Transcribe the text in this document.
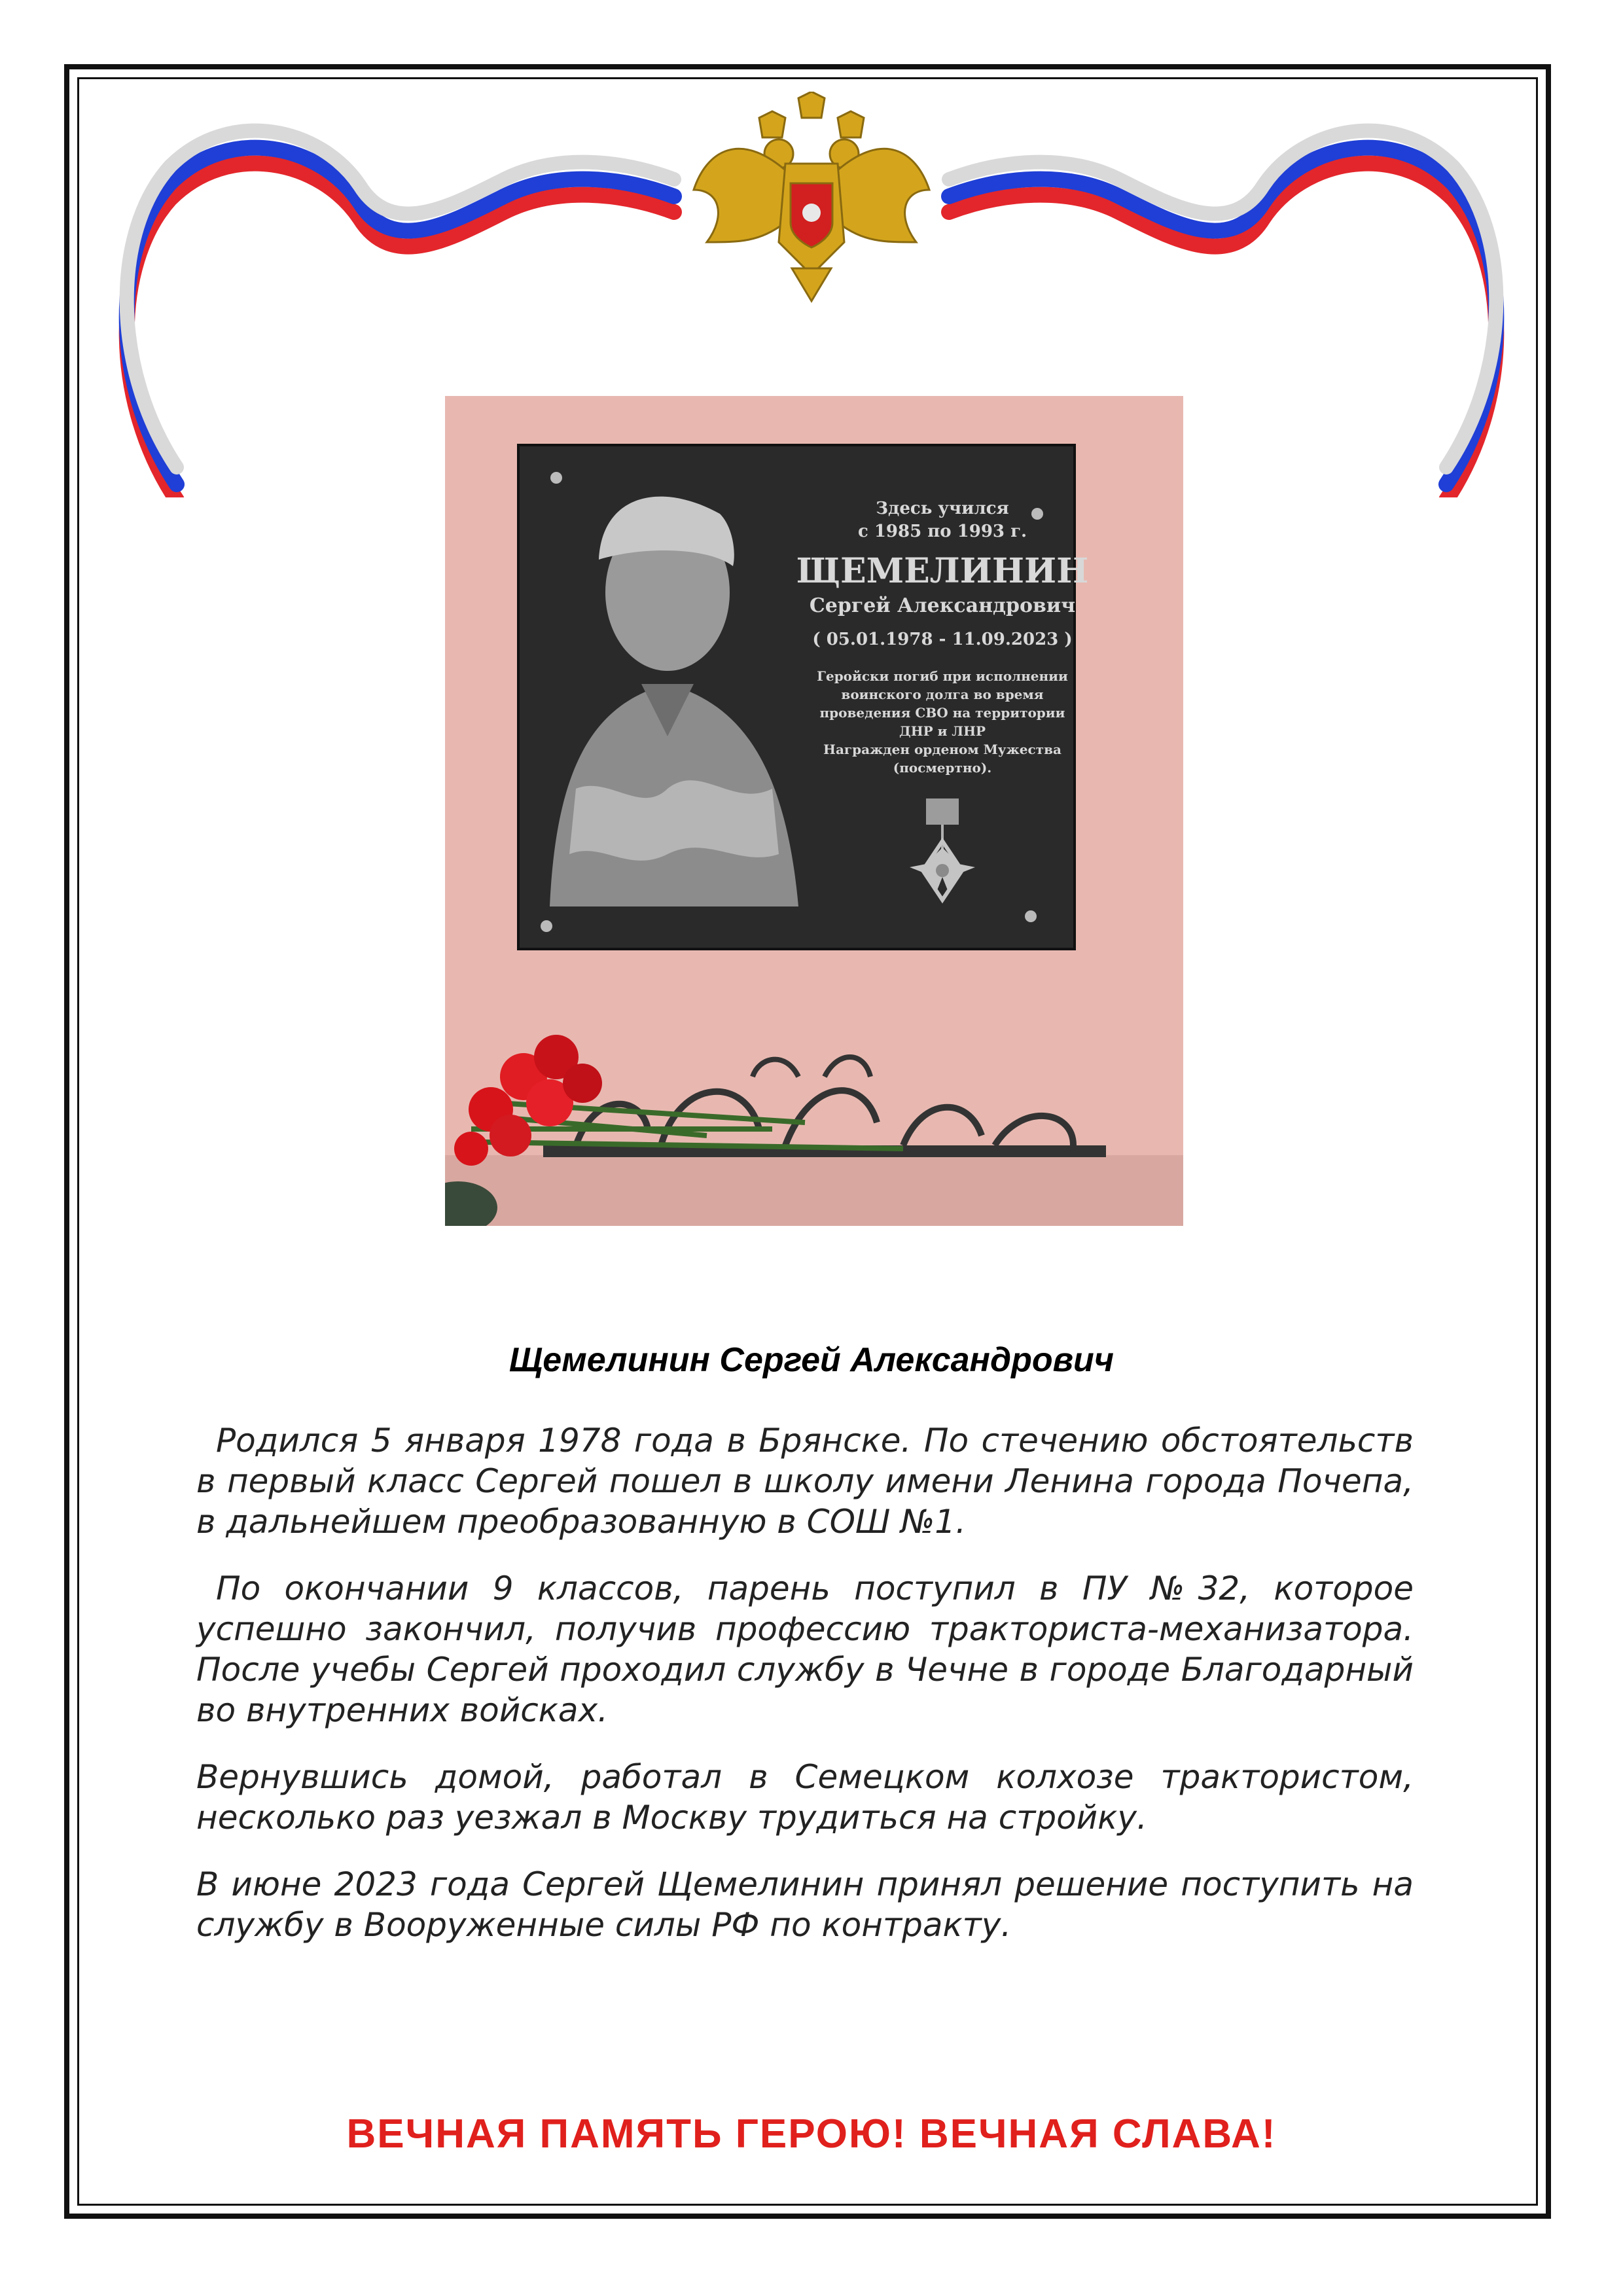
Здесь учился
с 1985 по 1993 г.
ЩЕМЕЛИНИН
Сергей Александрович
( 05.01.1978 - 11.09.2023 )
Геройски погиб при исполнении
воинского долга во время
проведения СВО на территории
ДНР и ЛНР
Награжден орденом Мужества
(посмертно).
Щемелинин Сергей Александрович

Родился 5 января 1978 года в Брянске. По стечению обстоятельств в первый класс Сергей пошел в школу имени Ленина города Почепа, в дальнейшем преобразованную в СОШ №1.

По окончании 9 классов, парень поступил в ПУ №32, которое успешно закончил, получив профессию тракториста-механизатора. После учебы Сергей проходил службу в Чечне в городе Благодарный во внутренних войсках.

Вернувшись домой, работал в Семецком колхозе трактористом, несколько раз уезжал в Москву трудиться на стройку.

В июне 2023 года Сергей Щемелинин принял решение поступить на службу в Вооруженные силы РФ по контракту.

ВЕЧНАЯ ПАМЯТЬ ГЕРОЮ! ВЕЧНАЯ СЛАВА!
